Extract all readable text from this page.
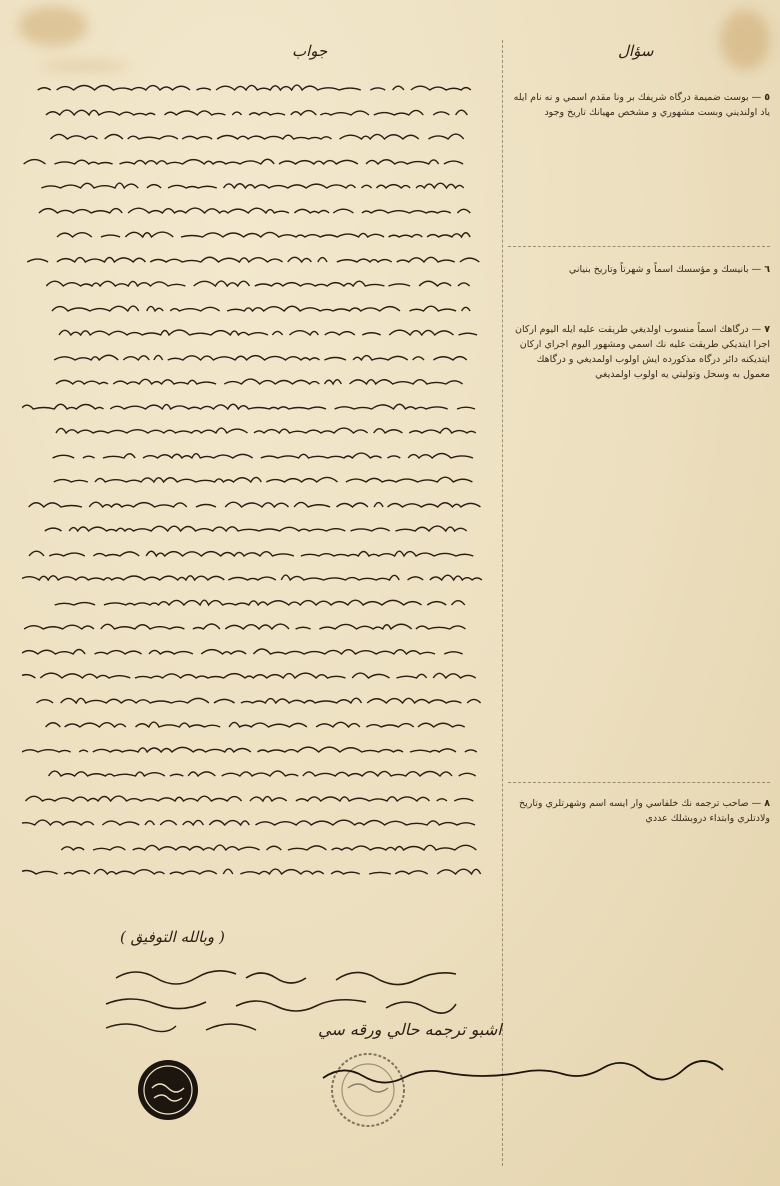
جواب	سؤال
٥ — بوست ضميمة درگاه شريفك بر ونا مقدم اسمي و نه نام ايله ياد اولنديني وبست مشهوري و مشخص مهيانك تاريخ وجود
٦ — بانيسك و مؤسسك اسماً و شهرتاً وتاريخ بنياني
٧ — درگاهك اسماً منسوب اولديغي طريقت عليه ايله اليوم اركان اجرا ايتديكي طريقت عليه نك اسمي ومشهور اليوم اجراي اركان ايتديكنه دائر درگاه مذكورده ايش اولوب اولمديغي و درگاهك معمول به وسحل وتوليتي يه اولوب اولمديغي
٨ — صاحب ترجمه نك خلفاسي وار ايسه اسم وشهرتلري وتاريخ ولادتلري وابتداء دروبشلك عددي
( وبالله التوفيق )
اشبو ترجمه حالي ورقه سي
